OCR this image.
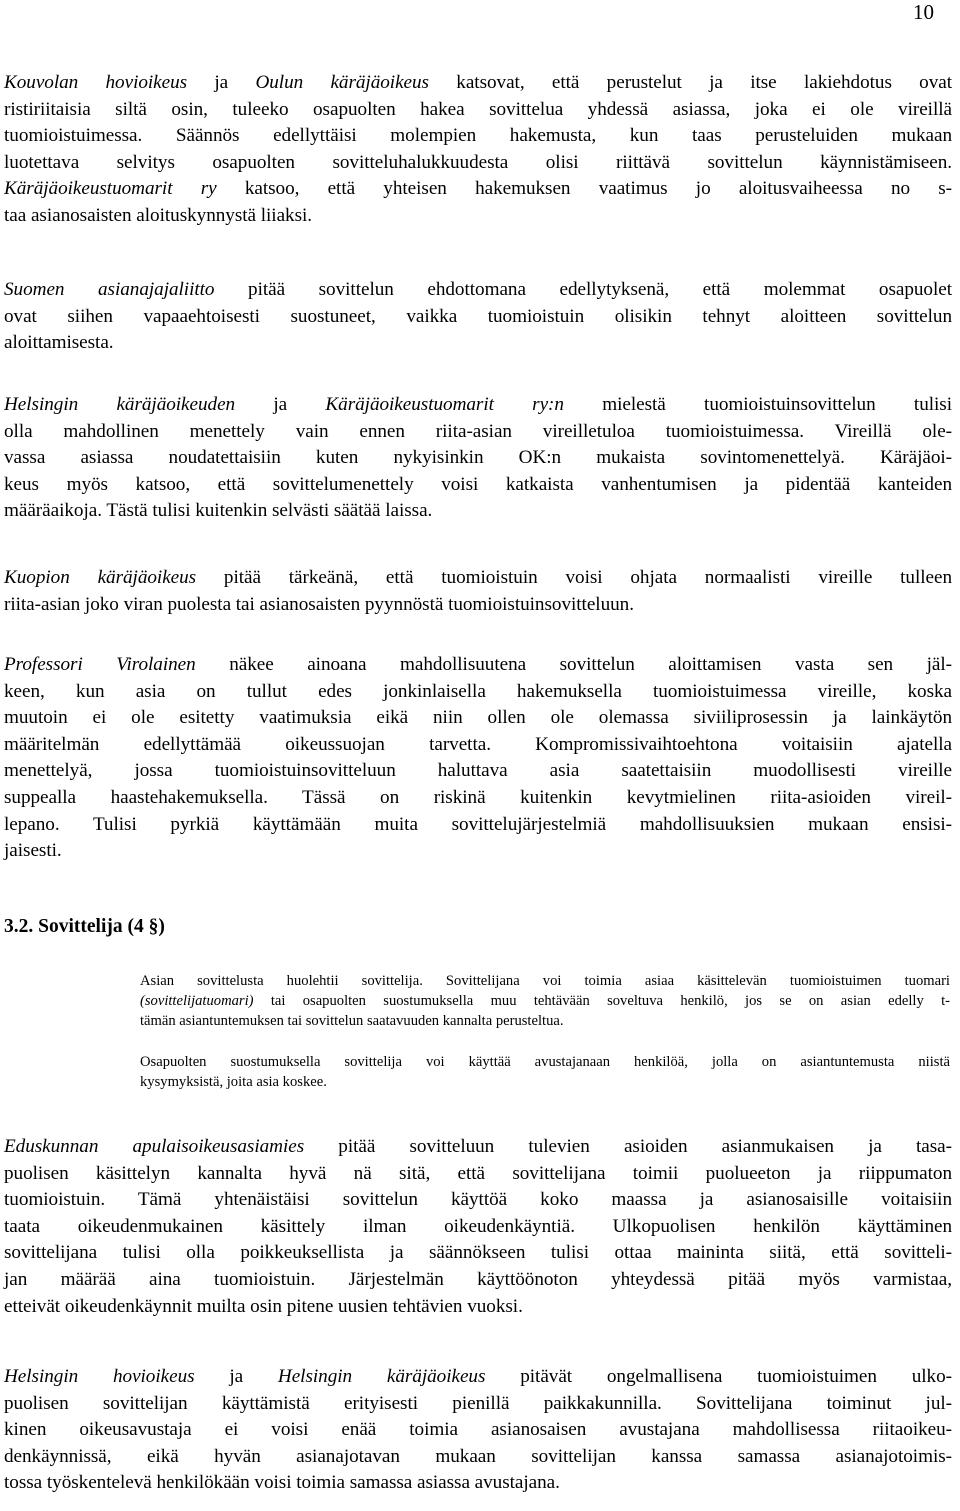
10
Kouvolan hovioikeus ja Oulun käräjäoikeus katsovat, että perustelut ja itse lakiehdotus ovat
ristiriitaisia siltä osin, tuleeko osapuolten hakea sovittelua yhdessä asiassa, joka ei ole vireillä
tuomioistuimessa. Säännös edellyttäisi molempien hakemusta, kun taas perusteluiden mukaan
luotettava selvitys osapuolten sovitteluhalukkuudesta olisi riittävä sovittelun käynnistämiseen.
Käräjäoikeustuomarit ry katsoo, että yhteisen hakemuksen vaatimus jo aloitusvaiheessa no s-
taa asianosaisten aloituskynnystä liiaksi.
Suomen asianajajaliitto pitää sovittelun ehdottomana edellytyksenä, että molemmat osapuolet
ovat siihen vapaaehtoisesti suostuneet, vaikka tuomioistuin olisikin tehnyt aloitteen sovittelun
aloittamisesta.
Helsingin käräjäoikeuden ja Käräjäoikeustuomarit ry:n mielestä tuomioistuinsovittelun tulisi
olla mahdollinen menettely vain ennen riita-asian vireilletuloa tuomioistuimessa. Vireillä ole-
vassa asiassa noudatettaisiin kuten nykyisinkin OK:n mukaista sovintomenettelyä. Käräjäoi-
keus myös katsoo, että sovittelumenettely voisi katkaista vanhentumisen ja pidentää kanteiden
määräaikoja. Tästä tulisi kuitenkin selvästi säätää laissa.
Kuopion käräjäoikeus pitää tärkeänä, että tuomioistuin voisi ohjata normaalisti vireille tulleen
riita-asian joko viran puolesta tai asianosaisten pyynnöstä tuomioistuinsovitteluun.
Professori Virolainen näkee ainoana mahdollisuutena sovittelun aloittamisen vasta sen jäl-
keen, kun asia on tullut edes jonkinlaisella hakemuksella tuomioistuimessa vireille, koska
muutoin ei ole esitetty vaatimuksia eikä niin ollen ole olemassa siviiliprosessin ja lainkäytön
määritelmän edellyttämää oikeussuojan tarvetta. Kompromissivaihtoehtona voitaisiin ajatella
menettelyä, jossa tuomioistuinsovitteluun haluttava asia saatettaisiin muodollisesti vireille
suppealla haastehakemuksella. Tässä on riskinä kuitenkin kevytmielinen riita-asioiden vireil-
lepano. Tulisi pyrkiä käyttämään muita sovittelujärjestelmiä mahdollisuuksien mukaan ensisi-
jaisesti.
3.2. Sovittelija (4 §)
Asian sovittelusta huolehtii sovittelija. Sovittelijana voi toimia asiaa käsittelevän tuomioistuimen tuomari
(sovittelijatuomari) tai osapuolten suostumuksella muu tehtävään soveltuva henkilö, jos se on asian edelly t-
tämän asiantuntemuksen tai sovittelun saatavuuden kannalta perusteltua.
Osapuolten suostumuksella sovittelija voi käyttää avustajanaan henkilöä, jolla on asiantuntemusta niistä
kysymyksistä, joita asia koskee.
Eduskunnan apulaisoikeusasiamies pitää sovitteluun tulevien asioiden asianmukaisen ja tasa-
puolisen käsittelyn kannalta hyvä nä sitä, että sovittelijana toimii puolueeton ja riippumaton
tuomioistuin. Tämä yhtenäistäisi sovittelun käyttöä koko maassa ja asianosaisille voitaisiin
taata oikeudenmukainen käsittely ilman oikeudenkäyntiä. Ulkopuolisen henkilön käyttäminen
sovittelijana tulisi olla poikkeuksellista ja säännökseen tulisi ottaa maininta siitä, että sovitteli-
jan määrää aina tuomioistuin. Järjestelmän käyttöönoton yhteydessä pitää myös varmistaa,
etteivät oikeudenkäynnit muilta osin pitene uusien tehtävien vuoksi.
Helsingin hovioikeus ja Helsingin käräjäoikeus pitävät ongelmallisena tuomioistuimen ulko-
puolisen sovittelijan käyttämistä erityisesti pienillä paikkakunnilla. Sovittelijana toiminut jul-
kinen oikeusavustaja ei voisi enää toimia asianosaisen avustajana mahdollisessa riitaoikeu-
denkäynnissä, eikä hyvän asianajotavan mukaan sovittelijan kanssa samassa asianajotoimis-
tossa työskentelevä henkilökään voisi toimia samassa asiassa avustajana.
